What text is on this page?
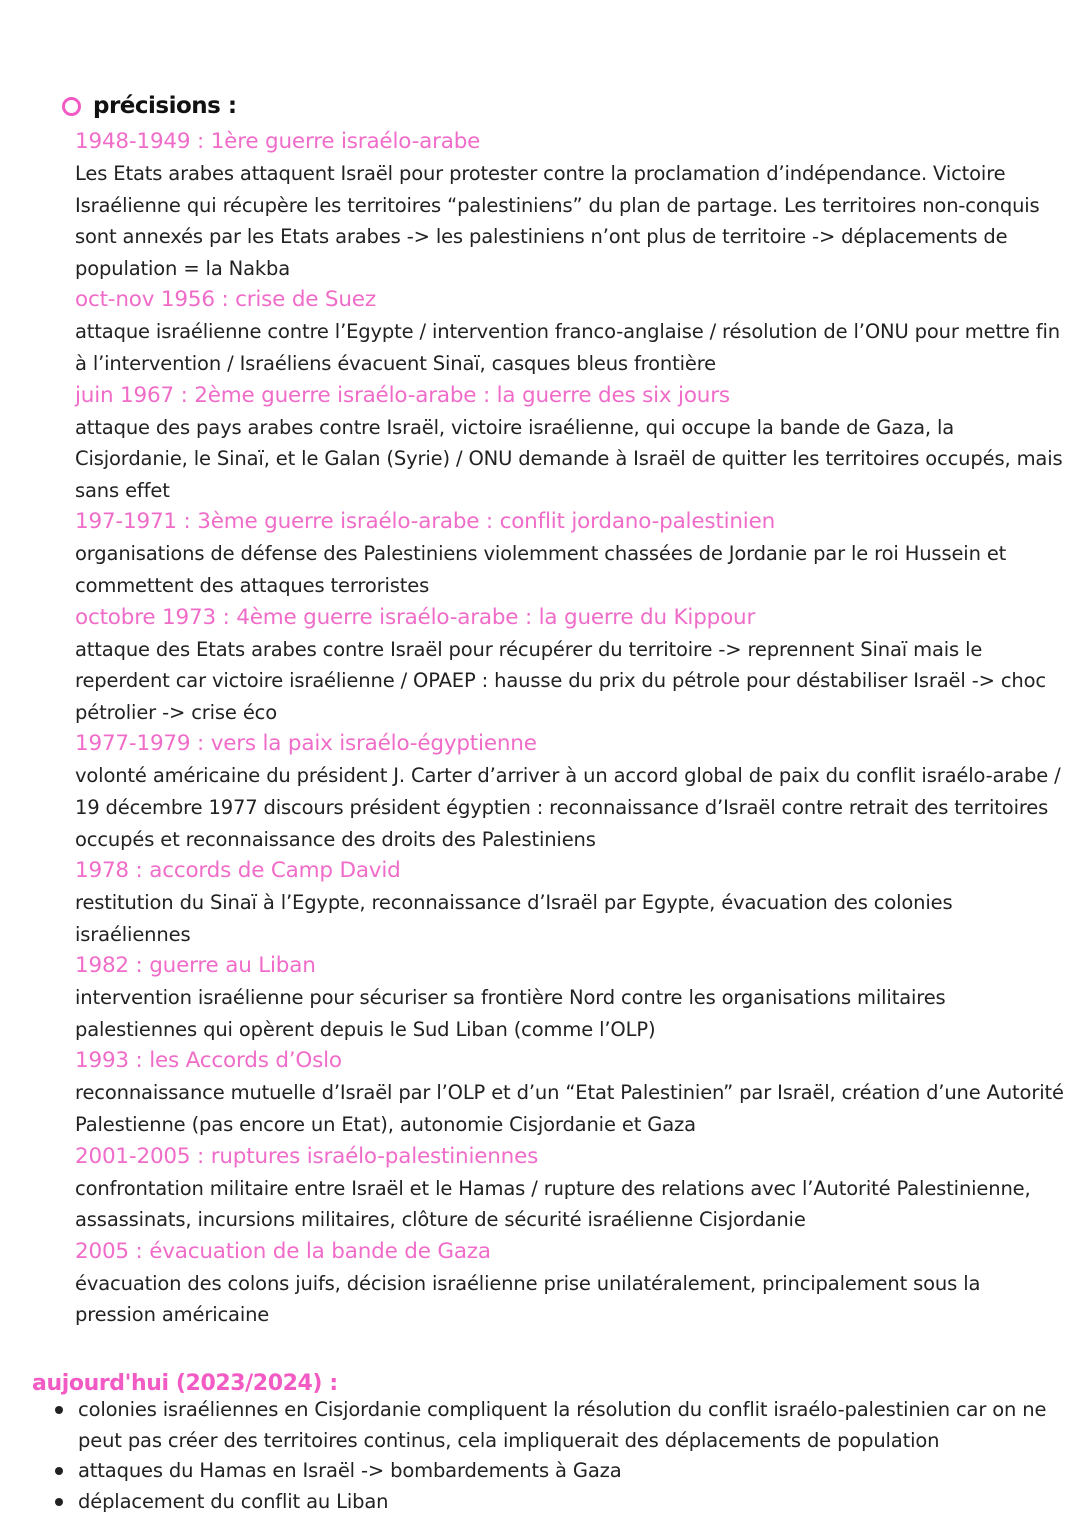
précisions :
1948-1949 : 1ère guerre israélo-arabe
Les Etats arabes attaquent Israël pour protester contre la proclamation d’indépendance. Victoire Israélienne qui récupère les territoires “palestiniens” du plan de partage. Les territoires non-conquis sont annexés par les Etats arabes -> les palestiniens n’ont plus de territoire -> déplacements de population = la Nakba
oct-nov 1956 : crise de Suez
attaque israélienne contre l’Egypte / intervention franco-anglaise / résolution de l’ONU pour mettre fin à l’intervention / Israéliens évacuent Sinaï, casques bleus frontière
juin 1967 : 2ème guerre israélo-arabe : la guerre des six jours
attaque des pays arabes contre Israël, victoire israélienne, qui occupe la bande de Gaza, la Cisjordanie, le Sinaï, et le Galan (Syrie) / ONU demande à Israël de quitter les territoires occupés, mais sans effet
197-1971 : 3ème guerre israélo-arabe : conflit jordano-palestinien
organisations de défense des Palestiniens violemment chassées de Jordanie par le roi Hussein et commettent des attaques terroristes
octobre 1973 : 4ème guerre israélo-arabe : la guerre du Kippour
attaque des Etats arabes contre Israël pour récupérer du territoire -> reprennent Sinaï mais le reperdent car victoire israélienne / OPAEP : hausse du prix du pétrole pour déstabiliser Israël -> choc pétrolier -> crise éco
1977-1979 : vers la paix israélo-égyptienne
volonté américaine du président J. Carter d’arriver à un accord global de paix du conflit israélo-arabe / 19 décembre 1977 discours président égyptien : reconnaissance d’Israël contre retrait des territoires occupés et reconnaissance des droits des Palestiniens
1978 : accords de Camp David
restitution du Sinaï à l’Egypte, reconnaissance d’Israël par Egypte, évacuation des colonies israéliennes
1982 : guerre au Liban
intervention israélienne pour sécuriser sa frontière Nord contre les organisations militaires palestiennes qui opèrent depuis le Sud Liban (comme l’OLP)
1993 : les Accords d’Oslo
reconnaissance mutuelle d’Israël par l’OLP et d’un “Etat Palestinien” par Israël, création d’une Autorité Palestienne (pas encore un Etat), autonomie Cisjordanie et Gaza
2001-2005 : ruptures israélo-palestiniennes
confrontation militaire entre Israël et le Hamas / rupture des relations avec l’Autorité Palestinienne, assassinats, incursions militaires, clôture de sécurité israélienne Cisjordanie
2005 : évacuation de la bande de Gaza
évacuation des colons juifs, décision israélienne prise unilatéralement, principalement sous la pression américaine
aujourd'hui (2023/2024) :
colonies israéliennes en Cisjordanie compliquent la résolution du conflit israélo-palestinien car on ne peut pas créer des territoires continus, cela impliquerait des déplacements de population
attaques du Hamas en Israël -> bombardements à Gaza
déplacement du conflit au Liban
